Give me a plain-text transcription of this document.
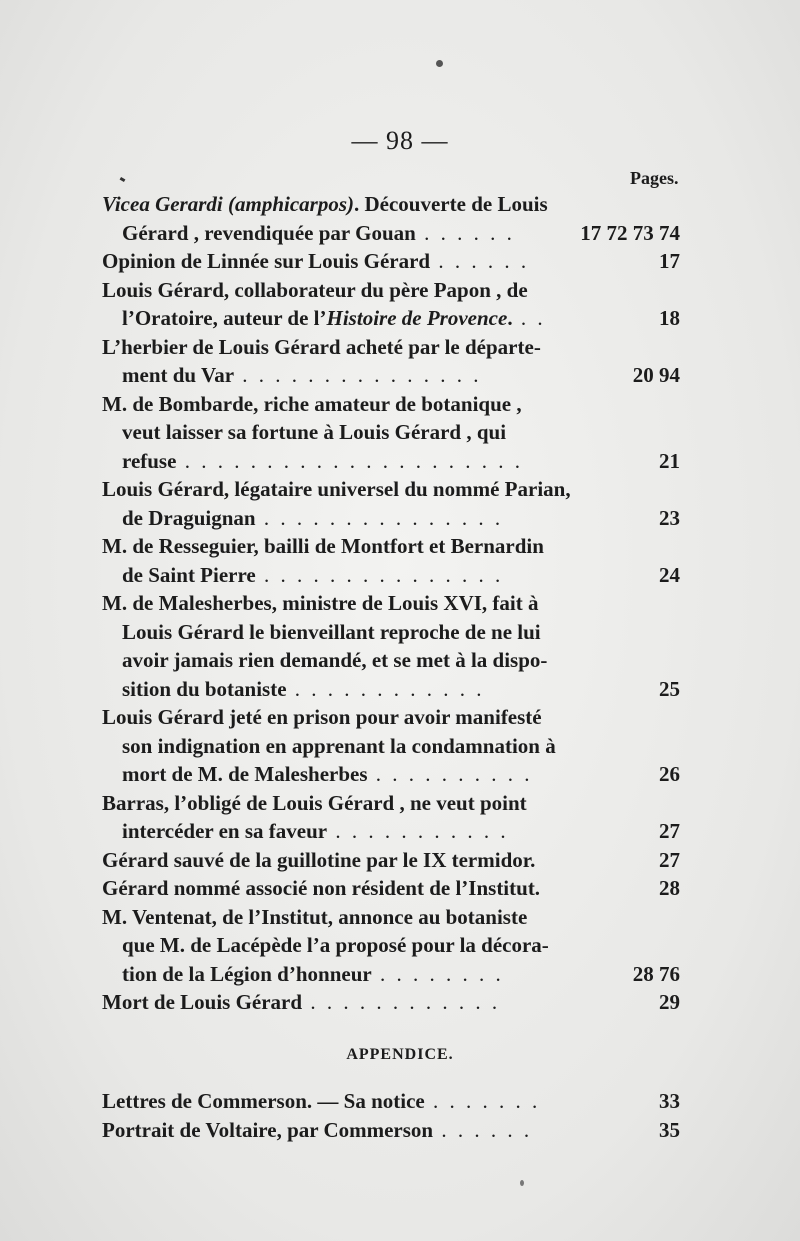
— 98 —
Pages.
Vicea Gerardi (amphicarpos). Découverte de Louis
Gérard , revendiquée par Gouan . . . . . .	17 72 73 74
Opinion de Linnée sur Louis Gérard . . . . . .	17
Louis Gérard, collaborateur du père Papon , de
l’Oratoire, auteur de l’Histoire de Provence. . .	18
L’herbier de Louis Gérard acheté par le départe-
ment du Var . . . . . . . . . . . . . . .	20 94
M. de Bombarde, riche amateur de botanique ,
veut laisser sa fortune à Louis Gérard , qui
refuse . . . . . . . . . . . . . . . . . . . . .	21
Louis Gérard, légataire universel du nommé Parian,
de Draguignan . . . . . . . . . . . . . . .	23
M. de Resseguier, bailli de Montfort et Bernardin
de Saint Pierre . . . . . . . . . . . . . . .	24
M. de Malesherbes, ministre de Louis XVI, fait à
Louis Gérard le bienveillant reproche de ne lui
avoir jamais rien demandé, et se met à la dispo-
sition du botaniste . . . . . . . . . . . .	25
Louis Gérard jeté en prison pour avoir manifesté
son indignation en apprenant la condamnation à
mort de M. de Malesherbes . . . . . . . . . .	26
Barras, l’obligé de Louis Gérard , ne veut point
intercéder en sa faveur . . . . . . . . . . .	27
Gérard sauvé de la guillotine par le IX termidor.	27
Gérard nommé associé non résident de l’Institut.	28
M. Ventenat, de l’Institut, annonce au botaniste
que M. de Lacépède l’a proposé pour la décora-
tion de la Légion d’honneur . . . . . . . .	28 76
Mort de Louis Gérard . . . . . . . . . . . .	29
APPENDICE.
Lettres de Commerson. — Sa notice . . . . . . .	33
Portrait de Voltaire, par Commerson . . . . . .	35
